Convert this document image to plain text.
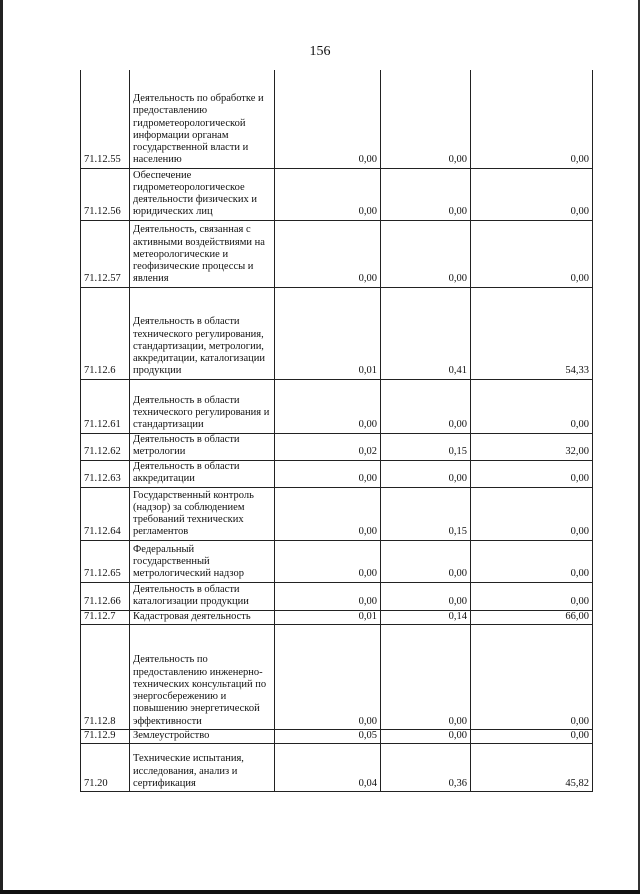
156
71.12.55	Деятельность по обработке и предоставлению гидрометеорологической информации органам государственной власти и населению	0,00	0,00	0,00
71.12.56	Обеспечение гидрометеорологическое деятельности физических и юридических лиц	0,00	0,00	0,00
71.12.57	Деятельность, связанная с активными воздействиями на метеорологические и геофизические процессы и явления	0,00	0,00	0,00
71.12.6	Деятельность в области технического регулирования, стандартизации, метрологии, аккредитации, каталогизации продукции	0,01	0,41	54,33
71.12.61	Деятельность в области технического регулирования и стандартизации	0,00	0,00	0,00
71.12.62	Деятельность в области метрологии	0,02	0,15	32,00
71.12.63	Деятельность в области аккредитации	0,00	0,00	0,00
71.12.64	Государственный контроль (надзор) за соблюдением требований технических регламентов	0,00	0,15	0,00
71.12.65	Федеральный государственный метрологический надзор	0,00	0,00	0,00
71.12.66	Деятельность в области каталогизации продукции	0,00	0,00	0,00
71.12.7	Кадастровая деятельность	0,01	0,14	66,00
71.12.8	Деятельность по предоставлению инженерно-технических консультаций по энергосбережению и повышению энергетической эффективности	0,00	0,00	0,00
71.12.9	Землеустройство	0,05	0,00	0,00
71.20	Технические испытания, исследования, анализ и сертификация	0,04	0,36	45,82
